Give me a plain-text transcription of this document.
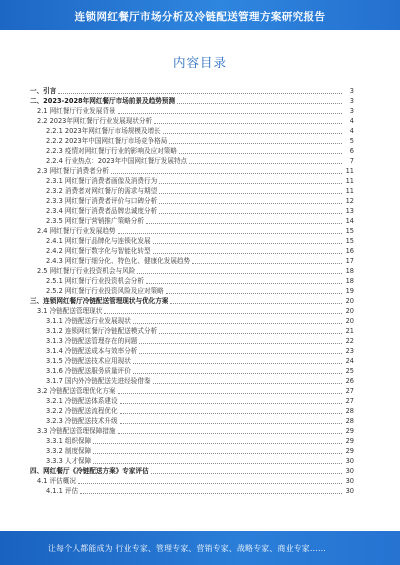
连锁网红餐厅市场分析及冷链配送管理方案研究报告
内容目录
一、引言	3
二、2023-2028年网红餐厅市场前景及趋势预测	3
2.1 网红餐厅行业发展背景	3
2.2 2023年网红餐厅行业发展现状分析	4
2.2.1 2023年网红餐厅市场规模及增长	4
2.2.2 2023年中国网红餐厅市场竞争格局	5
2.2.3 疫情对网红餐厅行业的影响及应对策略	6
2.2.4 行业热点：2023年中国网红餐厅发展特点	7
2.3 网红餐厅消费者分析	11
2.3.1 网红餐厅消费者画像及消费行为	11
2.3.2 消费者对网红餐厅的需求与期望	11
2.3.3 网红餐厅消费者评价与口碑分析	12
2.3.4 网红餐厅消费者品牌忠诚度分析	13
2.3.5 网红餐厅营销推广策略分析	14
2.4 网红餐厅行业发展趋势	15
2.4.1 网红餐厅品牌化与连锁化发展	15
2.4.2 网红餐厅数字化与智能化转型	16
2.4.3 网红餐厅细分化、特色化、健康化发展趋势	17
2.5 网红餐厅行业投资机会与风险	18
2.5.1 网红餐厅行业投资机会分析	18
2.5.2 网红餐厅行业投资风险及应对策略	19
三、连锁网红餐厅冷链配送管理现状与优化方案	20
3.1 冷链配送管理现状	20
3.1.1 冷链配送行业发展现状	20
3.1.2 连锁网红餐厅冷链配送模式分析	21
3.1.3 冷链配送管理存在的问题	22
3.1.4 冷链配送成本与效率分析	23
3.1.5 冷链配送技术应用现状	24
3.1.6 冷链配送服务质量评价	25
3.1.7 国内外冷链配送先进经验借鉴	26
3.2 冷链配送管理优化方案	27
3.2.1 冷链配送体系建设	27
3.2.2 冷链配送流程优化	28
3.2.3 冷链配送技术升级	28
3.3 冷链配送管理保障措施	29
3.3.1 组织保障	29
3.3.2 制度保障	29
3.3.3 人才保障	30
四、网红餐厅《冷链配送方案》专家评估	30
4.1 评估概况	30
4.1.1 评估	30
让每个人都能成为 行业专家、管理专家、营销专家、战略专家、商业专家……
